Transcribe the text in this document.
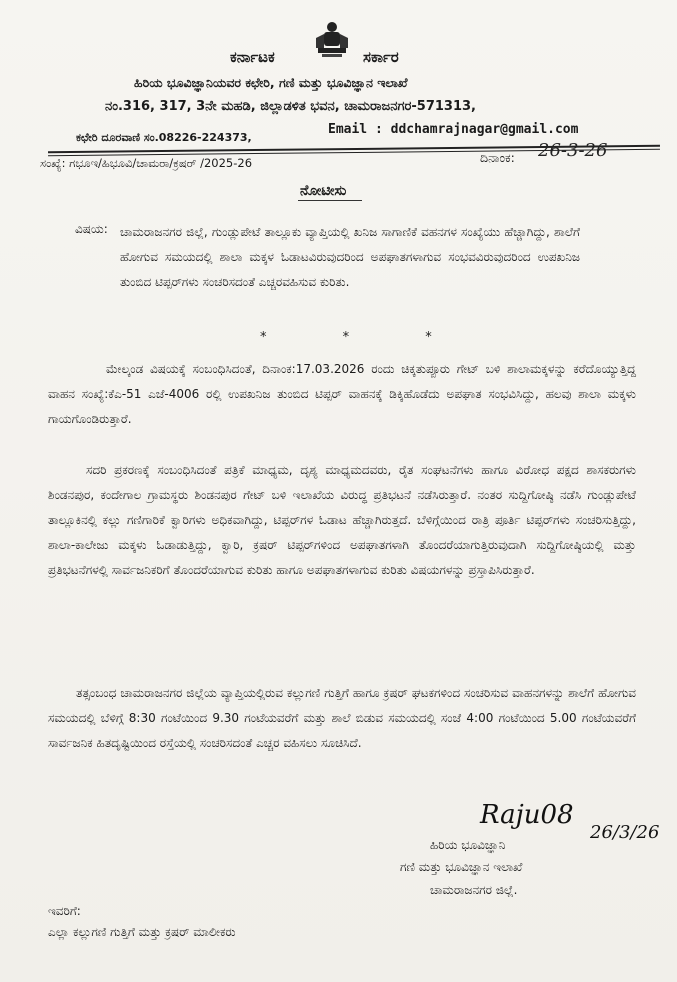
ಕರ್ನಾಟಕ	ಸರ್ಕಾರ
ಹಿರಿಯ ಭೂವಿಜ್ಞಾನಿಯವರ ಕಛೇರಿ, ಗಣಿ ಮತ್ತು ಭೂವಿಜ್ಞಾನ ಇಲಾಖೆ
ನಂ.316, 317, 3ನೇ ಮಹಡಿ, ಜಿಲ್ಲಾಡಳಿತ ಭವನ, ಚಾಮರಾಜನಗರ-571313,
ಕಛೇರಿ ದೂರವಾಣಿ ಸಂ.08226-224373,
Email : ddchamrajnagar@gmail.com
ಸಂಖ್ಯೆ: ಗಭೂಇ/ಹಿಭೂವಿ/ಚಾಮರಾ/ಕ್ರಷರ್ /2025-26	ದಿನಾಂಕ: 26-3-26
ನೋಟೀಸು
ವಿಷಯ: ಚಾಮರಾಜನಗರ ಜಿಲ್ಲೆ, ಗುಂಡ್ಲುಪೇಟೆ ತಾಲ್ಲೂಕು ವ್ಯಾಪ್ತಿಯಲ್ಲಿ ಖನಿಜ ಸಾಗಾಣಿಕೆ ವಹನಗಳ ಸಂಖ್ಯೆಯು ಹೆಚ್ಚಾಗಿದ್ದು, ಶಾಲೆಗೆ ಹೋಗುವ ಸಮಯದಲ್ಲಿ ಶಾಲಾ ಮಕ್ಕಳ ಓಡಾಟವಿರುವುದರಿಂದ ಅಪಘಾತಗಳಾಗುವ ಸಂಭವವಿರುವುದರಿಂದ ಉಪಖನಿಜ ತುಂಬಿದ ಟಿಪ್ಪರ್‌ಗಳು ಸಂಚರಿಸದಂತೆ ಎಚ್ಚರವಹಿಸುವ ಕುರಿತು.
* * *
ಮೇಲ್ಕಂಡ ವಿಷಯಕ್ಕೆ ಸಂಬಂಧಿಸಿದಂತೆ, ದಿನಾಂಕ:17.03.2026 ರಂದು ಚಿಕ್ಕತುಪ್ಪೂರು ಗೇಟ್ ಬಳಿ ಶಾಲಾಮಕ್ಕಳನ್ನು ಕರೆದೊಯ್ಯುತ್ತಿದ್ದ ವಾಹನ ಸಂಖ್ಯೆ:ಕೆಎ-51 ಎಜೆ-4006 ರಲ್ಲಿ ಉಪಖನಿಜ ತುಂಬಿದ ಟಿಪ್ಪರ್ ವಾಹನಕ್ಕೆ ಡಿಕ್ಕಿಹೊಡೆದು ಅಪಘಾತ ಸಂಭವಿಸಿದ್ದು, ಹಲವು ಶಾಲಾ ಮಕ್ಕಳು ಗಾಯಗೊಂಡಿರುತ್ತಾರೆ.
ಸದರಿ ಪ್ರಕರಣಕ್ಕೆ ಸಂಬಂಧಿಸಿದಂತೆ ಪತ್ರಿಕೆ ಮಾಧ್ಯಮ, ದೃಶ್ಯ ಮಾಧ್ಯಮದವರು, ರೈತ ಸಂಘಟನೆಗಳು ಹಾಗೂ ವಿರೋಧ ಪಕ್ಷದ ಶಾಸಕರುಗಳು ಶಿಂಡನಪುರ, ಕಂದೇಗಾಲ ಗ್ರಾಮಸ್ಥರು ಶಿಂಡನಪುರ ಗೇಟ್ ಬಳಿ ಇಲಾಖೆಯ ವಿರುದ್ಧ ಪ್ರತಿಭಟನೆ ನಡೆಸಿರುತ್ತಾರೆ. ನಂತರ ಸುದ್ದಿಗೋಷ್ಠಿ ನಡೆಸಿ ಗುಂಡ್ಲುಪೇಟೆ ತಾಲ್ಲೂಕಿನಲ್ಲಿ ಕಲ್ಲು ಗಣಿಗಾರಿಕೆ ಕ್ವಾರಿಗಳು ಅಧಿಕವಾಗಿದ್ದು, ಟಿಪ್ಪರ್‌ಗಳ ಓಡಾಟ ಹೆಚ್ಚಾಗಿರುತ್ತದೆ. ಬೆಳಿಗ್ಗೆಯಿಂದ ರಾತ್ರಿ ಪೂರ್ತಿ ಟಿಪ್ಪರ್‌ಗಳು ಸಂಚರಿಸುತ್ತಿದ್ದು, ಶಾಲಾ-ಕಾಲೇಜು ಮಕ್ಕಳು ಓಡಾಡುತ್ತಿದ್ದು, ಕ್ವಾರಿ, ಕ್ರಷರ್ ಟಿಪ್ಪರ್‌ಗಳಿಂದ ಅಪಘಾತಗಳಾಗಿ ತೊಂದರೆಯಾಗುತ್ತಿರುವುದಾಗಿ ಸುದ್ದಿಗೋಷ್ಠಿಯಲ್ಲಿ ಮತ್ತು ಪ್ರತಿಭಟನೆಗಳಲ್ಲಿ ಸಾರ್ವಜನಿಕರಿಗೆ ತೊಂದರೆಯಾಗುವ ಕುರಿತು ಹಾಗೂ ಅಪಘಾತಗಳಾಗುವ ಕುರಿತು ವಿಷಯಗಳನ್ನು ಪ್ರಸ್ತಾಪಿಸಿರುತ್ತಾರೆ.
ತತ್ಸಂಬಂಧ ಚಾಮರಾಜನಗರ ಜಿಲ್ಲೆಯ ವ್ಯಾಪ್ತಿಯಲ್ಲಿರುವ ಕಲ್ಲುಗಣಿ ಗುತ್ತಿಗೆ ಹಾಗೂ ಕ್ರಷರ್ ಘಟಕಗಳಿಂದ ಸಂಚರಿಸುವ ವಾಹನಗಳನ್ನು ಶಾಲೆಗೆ ಹೋಗುವ ಸಮಯದಲ್ಲಿ ಬೆಳಿಗ್ಗೆ 8:30 ಗಂಟೆಯಿಂದ 9.30 ಗಂಟೆಯವರೆಗೆ ಮತ್ತು ಶಾಲೆ ಬಿಡುವ ಸಮಯದಲ್ಲಿ ಸಂಜೆ 4:00 ಗಂಟೆಯಿಂದ 5.00 ಗಂಟೆಯವರೆಗೆ ಸಾರ್ವಜನಿಕ ಹಿತದೃಷ್ಟಿಯಿಂದ ರಸ್ತೆಯಲ್ಲಿ ಸಂಚರಿಸದಂತೆ ಎಚ್ಚರ ವಹಿಸಲು ಸೂಚಿಸಿದೆ.
Raju08
26/3/26
ಹಿರಿಯ ಭೂವಿಜ್ಞಾನಿ
ಗಣಿ ಮತ್ತು ಭೂವಿಜ್ಞಾನ ಇಲಾಖೆ
ಚಾಮರಾಜನಗರ ಜಿಲ್ಲೆ.
ಇವರಿಗೆ:
ಎಲ್ಲಾ ಕಲ್ಲುಗಣಿ ಗುತ್ತಿಗೆ ಮತ್ತು ಕ್ರಷರ್ ಮಾಲೀಕರು
